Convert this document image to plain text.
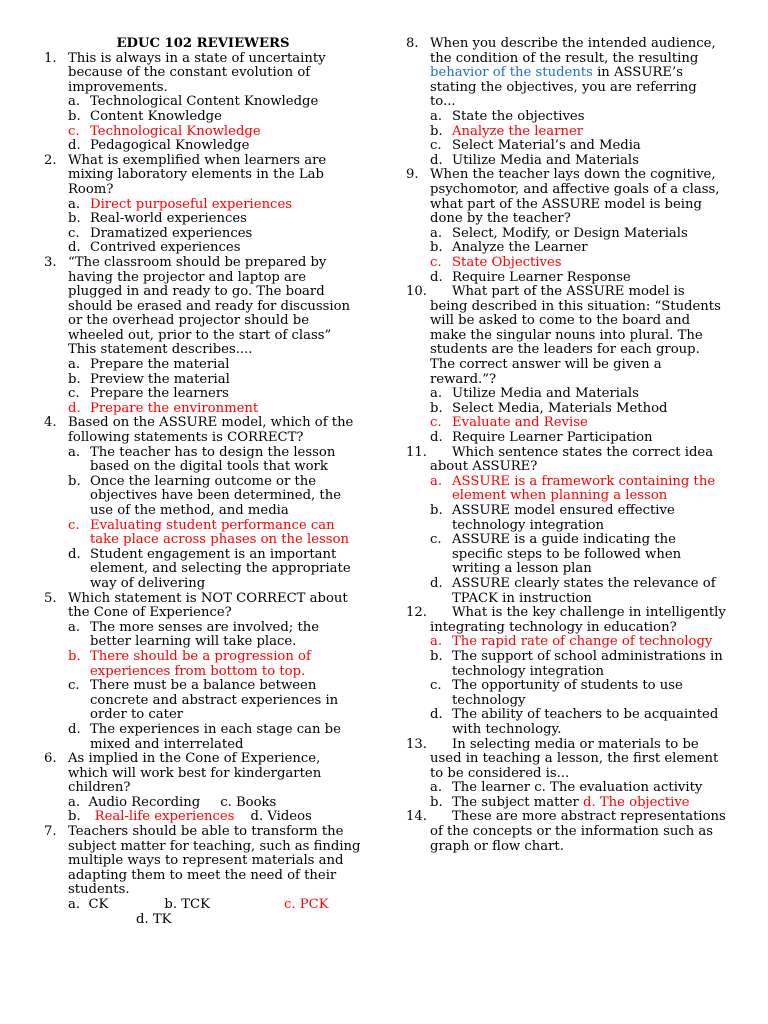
EDUC 102 REVIEWERS
1. This is always in a state of uncertainty because of the constant evolution of improvements.
a. Technological Content Knowledge
b. Content Knowledge
c. Technological Knowledge
d. Pedagogical Knowledge
2. What is exemplified when learners are mixing laboratory elements in the Lab Room?
a. Direct purposeful experiences
b. Real-world experiences
c. Dramatized experiences
d. Contrived experiences
3. “The classroom should be prepared by having the projector and laptop are plugged in and ready to go. The board should be erased and ready for discussion or the overhead projector should be wheeled out, prior to the start of class” This statement describes....
a. Prepare the material
b. Preview the material
c. Prepare the learners
d. Prepare the environment
4. Based on the ASSURE model, which of the following statements is CORRECT?
a. The teacher has to design the lesson based on the digital tools that work
b. Once the learning outcome or the objectives have been determined, the use of the method, and media
c. Evaluating student performance can take place across phases on the lesson
d. Student engagement is an important element, and selecting the appropriate way of delivering
5. Which statement is NOT CORRECT about the Cone of Experience?
a. The more senses are involved; the better learning will take place.
b. There should be a progression of experiences from bottom to top.
c. There must be a balance between concrete and abstract experiences in order to cater
d. The experiences in each stage can be mixed and interrelated
6. As implied in the Cone of Experience, which will work best for kindergarten children?
a.  Audio Recording c. Books
b. Real-life experiences d. Videos
7. Teachers should be able to transform the subject matter for teaching, such as finding multiple ways to represent materials and adapting them to meet the need of their students.
a.  CK	b. TCK	c. PCK
d. TK
8. When you describe the intended audience, the condition of the result, the resulting behavior of the students in ASSURE’s stating the objectives, you are referring to...
a. State the objectives
b. Analyze the learner
c. Select Material’s and Media
d. Utilize Media and Materials
9. When the teacher lays down the cognitive, psychomotor, and affective goals of a class, what part of the ASSURE model is being done by the teacher?
a. Select, Modify, or Design Materials
b. Analyze the Learner
c. State Objectives
d. Require Learner Response
10. What part of the ASSURE model is being described in this situation: “Students will be asked to come to the board and make the singular nouns into plural. The students are the leaders for each group. The correct answer will be given a reward.”?
a. Utilize Media and Materials
b. Select Media, Materials Method
c. Evaluate and Revise
d. Require Learner Participation
11. Which sentence states the correct idea about ASSURE?
a. ASSURE is a framework containing the element when planning a lesson
b. ASSURE model ensured effective technology integration
c. ASSURE is a guide indicating the specific steps to be followed when writing a lesson plan
d. ASSURE clearly states the relevance of TPACK in instruction
12. What is the key challenge in intelligently integrating technology in education?
a. The rapid rate of change of technology
b. The support of school administrations in technology integration
c. The opportunity of students to use technology
d. The ability of teachers to be acquainted with technology.
13. In selecting media or materials to be used in teaching a lesson, the first element to be considered is...
a. The learner c. The evaluation activity
b. The subject matter d. The objective
14. These are more abstract representations of the concepts or the information such as graph or flow chart.
